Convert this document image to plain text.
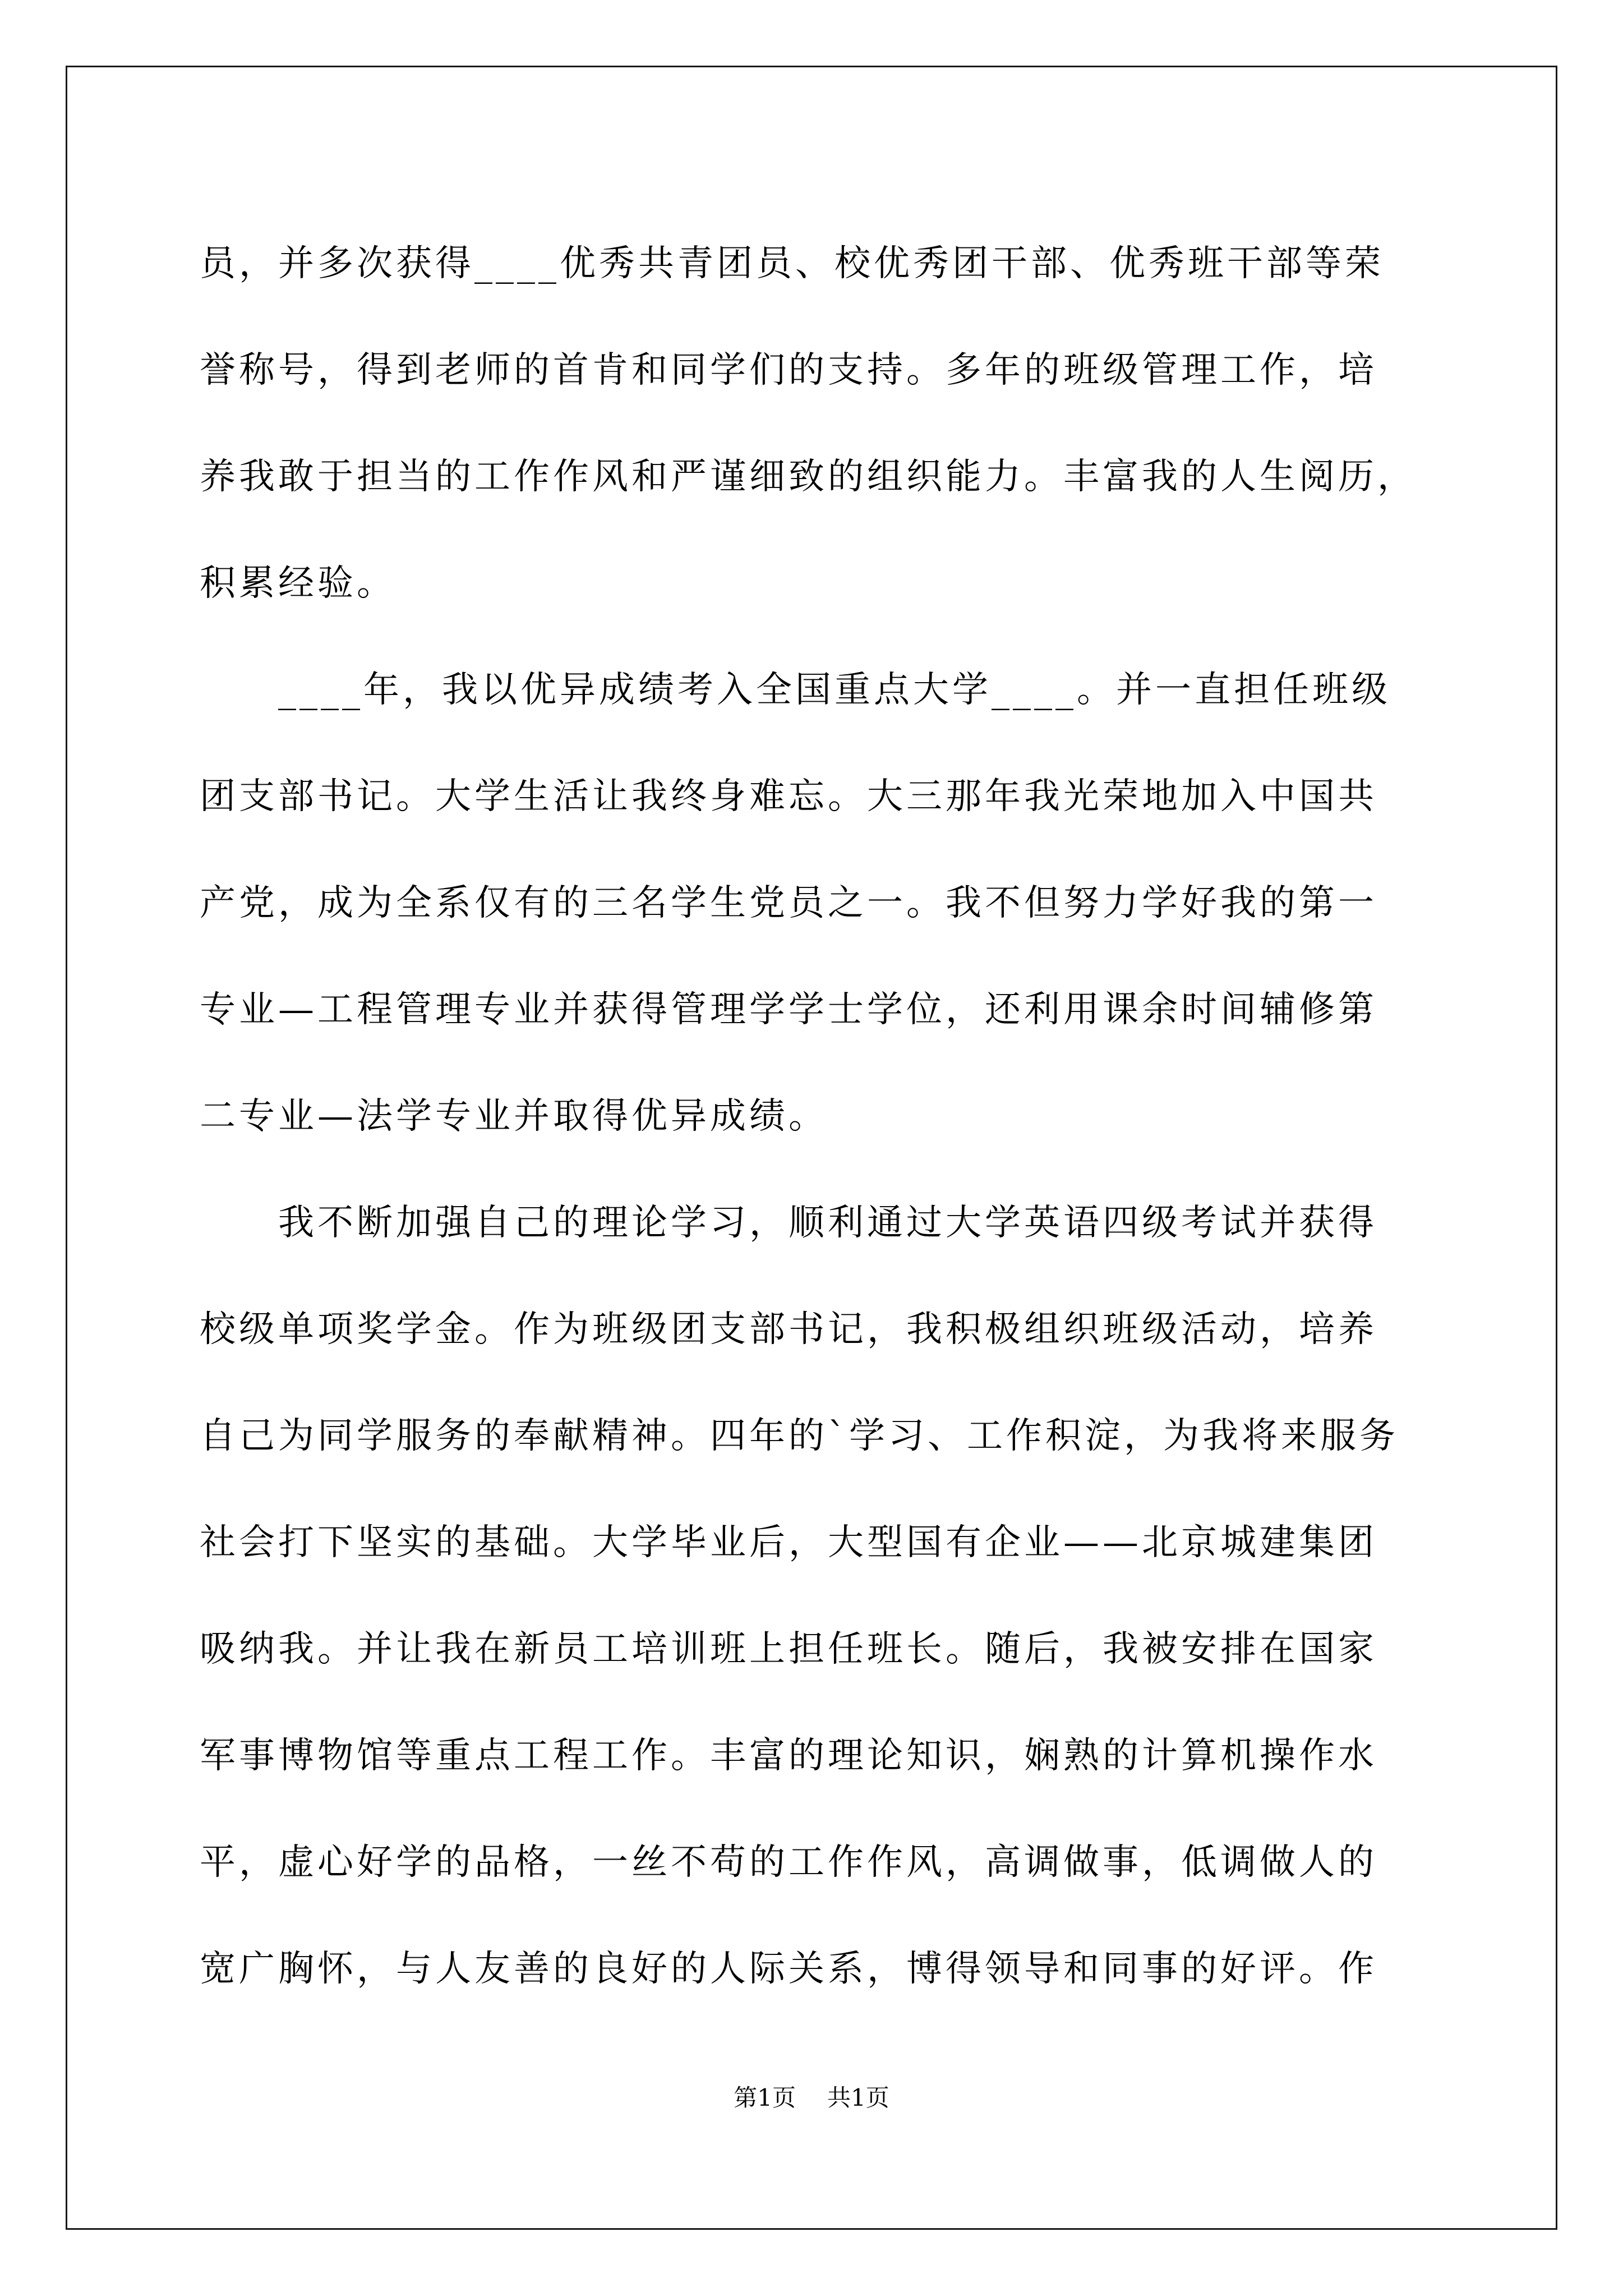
员，并多次获得____优秀共青团员、校优秀团干部、优秀班干部等荣
誉称号，得到老师的首肯和同学们的支持。多年的班级管理工作，培
养我敢于担当的工作作风和严谨细致的组织能力。丰富我的人生阅历，
积累经验。
　　____年，我以优异成绩考入全国重点大学____。并一直担任班级
团支部书记。大学生活让我终身难忘。大三那年我光荣地加入中国共
产党，成为全系仅有的三名学生党员之一。我不但努力学好我的第一
专业—工程管理专业并获得管理学学士学位，还利用课余时间辅修第
二专业—法学专业并取得优异成绩。
　　我不断加强自己的理论学习，顺利通过大学英语四级考试并获得
校级单项奖学金。作为班级团支部书记，我积极组织班级活动，培养
自己为同学服务的奉献精神。四年的`学习、工作积淀，为我将来服务
社会打下坚实的基础。大学毕业后，大型国有企业——北京城建集团
吸纳我。并让我在新员工培训班上担任班长。随后，我被安排在国家
军事博物馆等重点工程工作。丰富的理论知识，娴熟的计算机操作水
平，虚心好学的品格，一丝不苟的工作作风，高调做事，低调做人的
宽广胸怀，与人友善的良好的人际关系，博得领导和同事的好评。作
第1页 共1页
